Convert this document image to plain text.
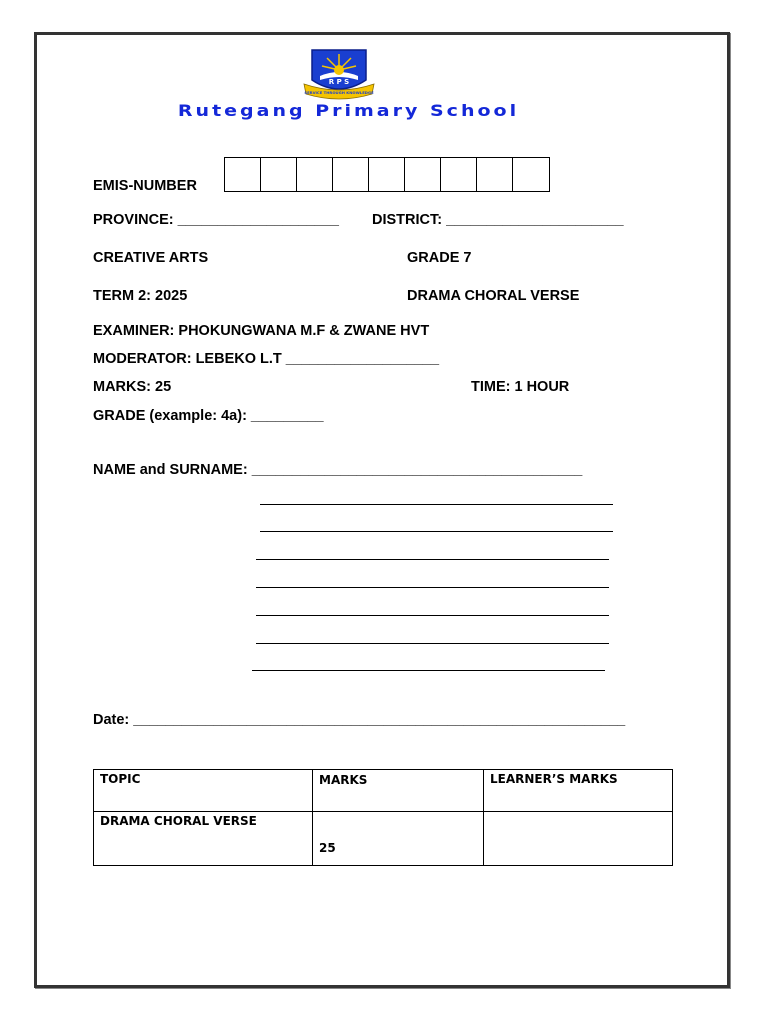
R P S
SERVICE THROUGH KNOWLEDGE
Rutegang Primary School
EMIS-NUMBER
PROVINCE: ____________________ DISTRICT: ______________________
CREATIVE ARTS	GRADE 7
TERM 2: 2025	DRAMA CHORAL VERSE
EXAMINER: PHOKUNGWANA M.F & ZWANE HVT
MODERATOR: LEBEKO L.T ___________________
MARKS: 25	TIME: 1 HOUR
GRADE (example: 4a): _________
NAME and SURNAME: _________________________________________
Date: _____________________________________________________________
TOPIC	MARKS	LEARNER’S MARKS
DRAMA CHORAL VERSE	25	
